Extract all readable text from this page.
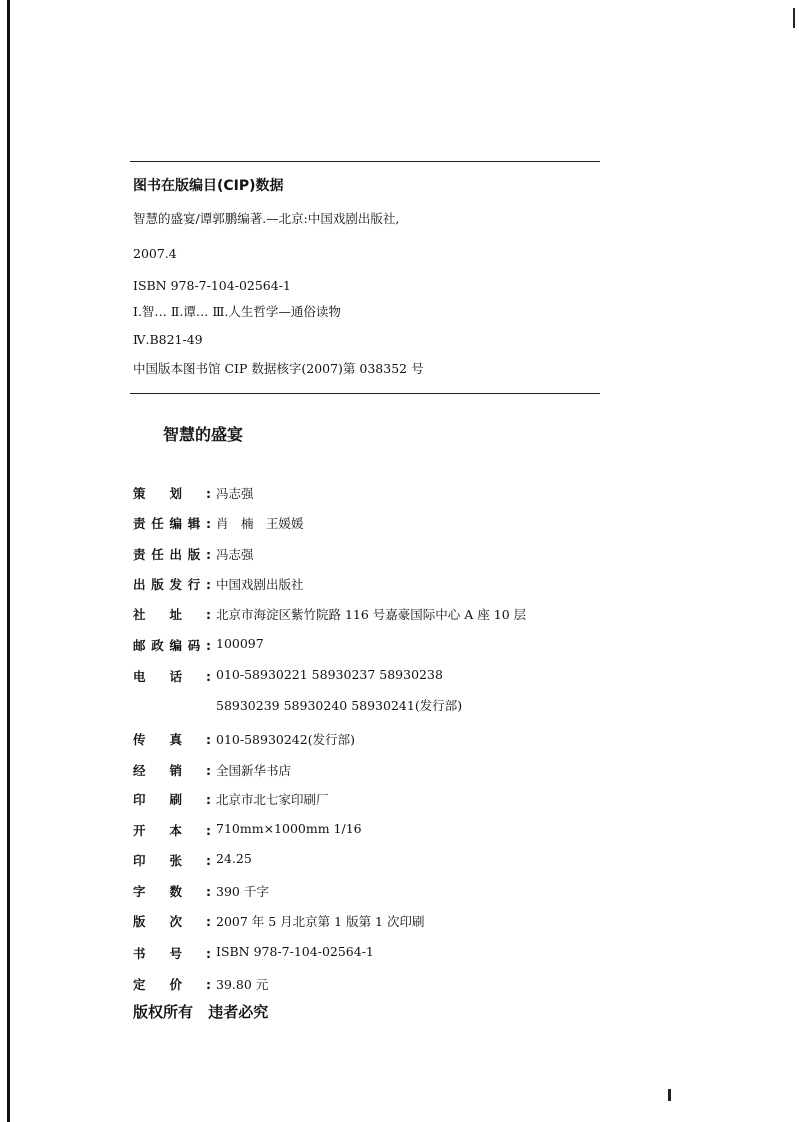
图书在版编目(CIP)数据
智慧的盛宴/谭郭鹏编著.—北京:中国戏剧出版社,
2007.4
ISBN 978-7-104-02564-1
Ⅰ.智… Ⅱ.谭… Ⅲ.人生哲学—通俗读物
Ⅳ.B821-49
中国版本图书馆 CIP 数据核字(2007)第 038352 号
智慧的盛宴
策划: 冯志强
责任编辑: 肖　楠　王媛媛
责任出版: 冯志强
出版发行: 中国戏剧出版社
社址: 北京市海淀区紫竹院路 116 号嘉豪国际中心 A 座 10 层
邮政编码: 100097
电话: 010-58930221 58930237 58930238
58930239 58930240 58930241(发行部)
传真: 010-58930242(发行部)
经销: 全国新华书店
印刷: 北京市北七家印刷厂
开本: 710mm×1000mm 1/16
印张: 24.25
字数: 390 千字
版次: 2007 年 5 月北京第 1 版第 1 次印刷
书号: ISBN 978-7-104-02564-1
定价: 39.80 元
版权所有 违者必究
